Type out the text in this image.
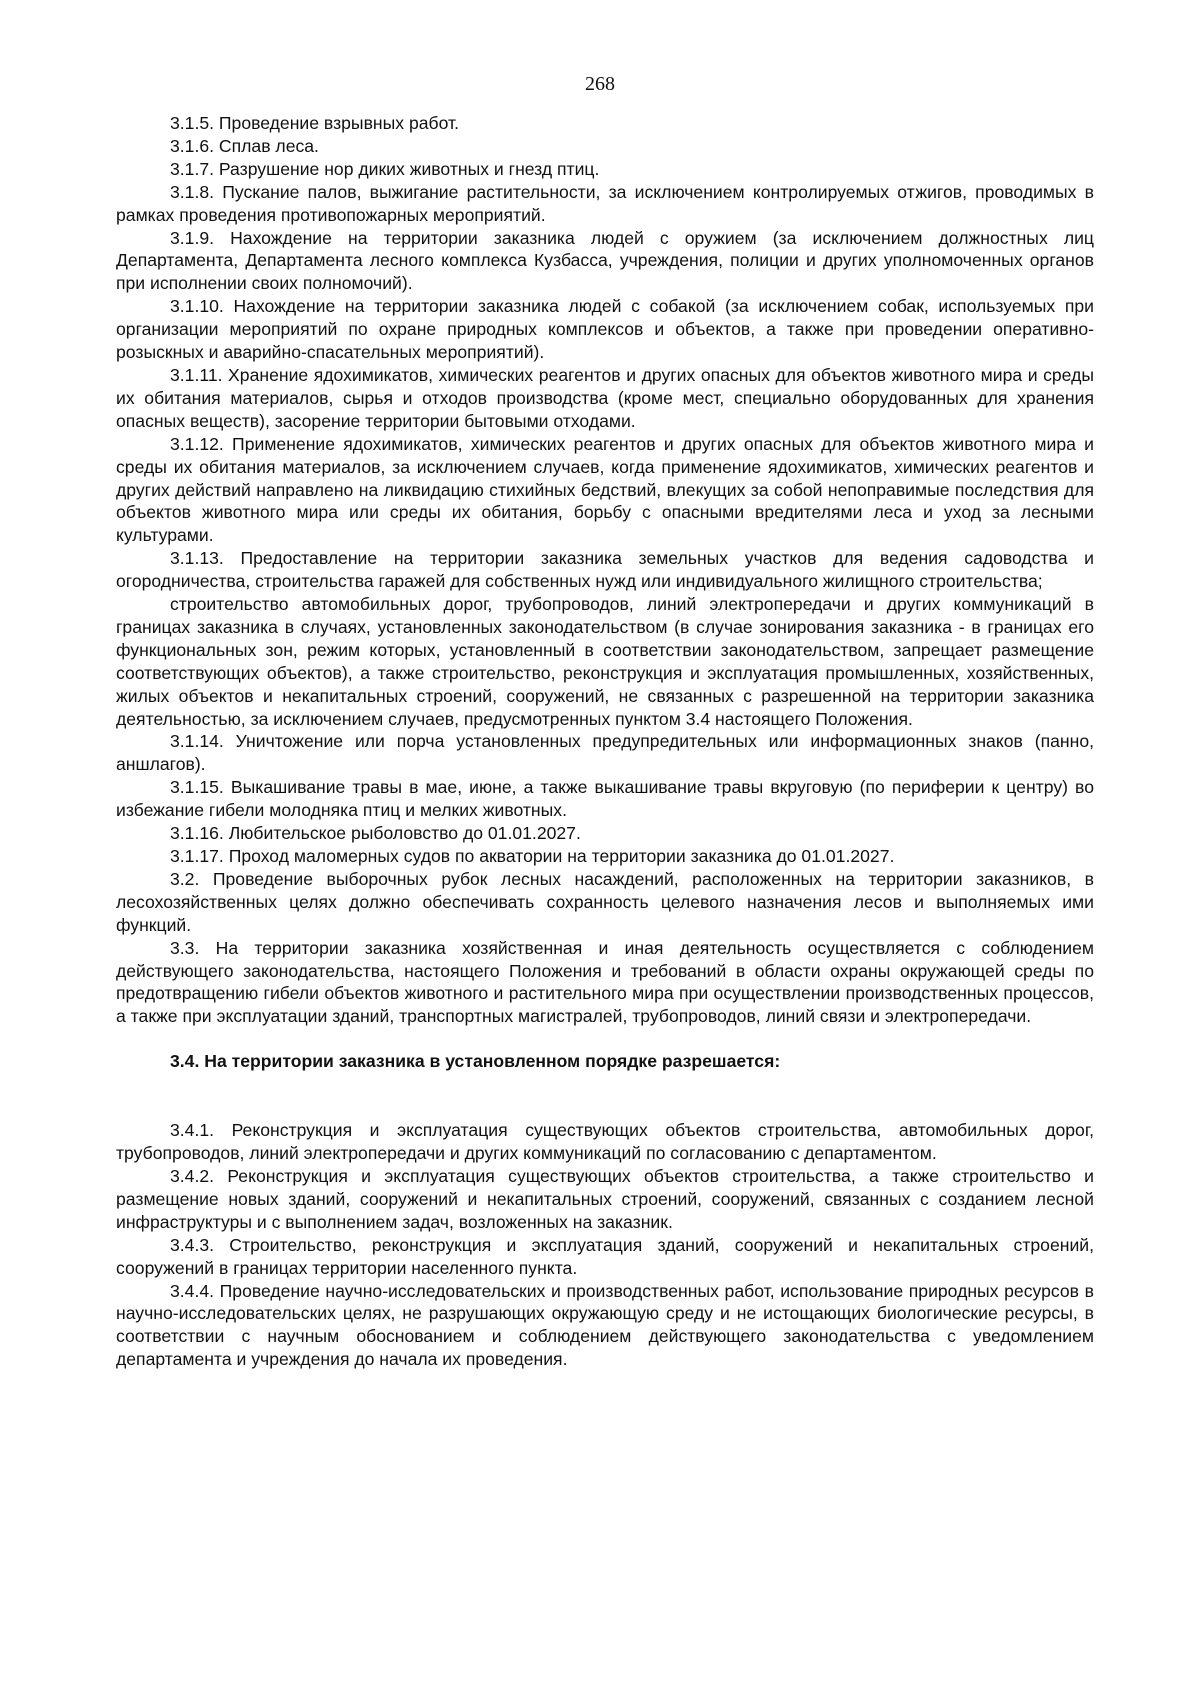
268

3.1.5. Проведение взрывных работ.

3.1.6. Сплав леса.

3.1.7. Разрушение нор диких животных и гнезд птиц.

3.1.8. Пускание палов, выжигание растительности, за исключением контролируемых отжигов, проводимых в рамках проведения противопожарных мероприятий.

3.1.9. Нахождение на территории заказника людей с оружием (за исключением должностных лиц Департамента, Департамента лесного комплекса Кузбасса, учреждения, полиции и других уполномоченных органов при исполнении своих полномочий).

3.1.10. Нахождение на территории заказника людей с собакой (за исключением собак, используемых при организации мероприятий по охране природных комплексов и объектов, а также при проведении оперативно-розыскных и аварийно-спасательных мероприятий).

3.1.11. Хранение ядохимикатов, химических реагентов и других опасных для объектов животного мира и среды их обитания материалов, сырья и отходов производства (кроме мест, специально оборудованных для хранения опасных веществ), засорение территории бытовыми отходами.

3.1.12. Применение ядохимикатов, химических реагентов и других опасных для объектов животного мира и среды их обитания материалов, за исключением случаев, когда применение ядохимикатов, химических реагентов и других действий направлено на ликвидацию стихийных бедствий, влекущих за собой непоправимые последствия для объектов животного мира или среды их обитания, борьбу с опасными вредителями леса и уход за лесными культурами.

3.1.13. Предоставление на территории заказника земельных участков для ведения садоводства и огородничества, строительства гаражей для собственных нужд или индивидуального жилищного строительства;

строительство автомобильных дорог, трубопроводов, линий электропередачи и других коммуникаций в границах заказника в случаях, установленных законодательством (в случае зонирования заказника - в границах его функциональных зон, режим которых, установленный в соответствии законодательством, запрещает размещение соответствующих объектов), а также строительство, реконструкция и эксплуатация промышленных, хозяйственных, жилых объектов и некапитальных строений, сооружений, не связанных с разрешенной на территории заказника деятельностью, за исключением случаев, предусмотренных пунктом 3.4 настоящего Положения.

3.1.14. Уничтожение или порча установленных предупредительных или информационных знаков (панно, аншлагов).

3.1.15. Выкашивание травы в мае, июне, а также выкашивание травы вкруговую (по периферии к центру) во избежание гибели молодняка птиц и мелких животных.

3.1.16. Любительское рыболовство до 01.01.2027.

3.1.17. Проход маломерных судов по акватории на территории заказника до 01.01.2027.

3.2. Проведение выборочных рубок лесных насаждений, расположенных на территории заказников, в лесохозяйственных целях должно обеспечивать сохранность целевого назначения лесов и выполняемых ими функций.

3.3. На территории заказника хозяйственная и иная деятельность осуществляется с соблюдением действующего законодательства, настоящего Положения и требований в области охраны окружающей среды по предотвращению гибели объектов животного и растительного мира при осуществлении производственных процессов, а также при эксплуатации зданий, транспортных магистралей, трубопроводов, линий связи и электропередачи.

3.4. На территории заказника в установленном порядке разрешается:

3.4.1. Реконструкция и эксплуатация существующих объектов строительства, автомобильных дорог, трубопроводов, линий электропередачи и других коммуникаций по согласованию с департаментом.

3.4.2. Реконструкция и эксплуатация существующих объектов строительства, а также строительство и размещение новых зданий, сооружений и некапитальных строений, сооружений, связанных с созданием лесной инфраструктуры и с выполнением задач, возложенных на заказник.

3.4.3. Строительство, реконструкция и эксплуатация зданий, сооружений и некапитальных строений, сооружений в границах территории населенного пункта.

3.4.4. Проведение научно-исследовательских и производственных работ, использование природных ресурсов в научно-исследовательских целях, не разрушающих окружающую среду и не истощающих биологические ресурсы, в соответствии с научным обоснованием и соблюдением действующего законодательства с уведомлением департамента и учреждения до начала их проведения.
